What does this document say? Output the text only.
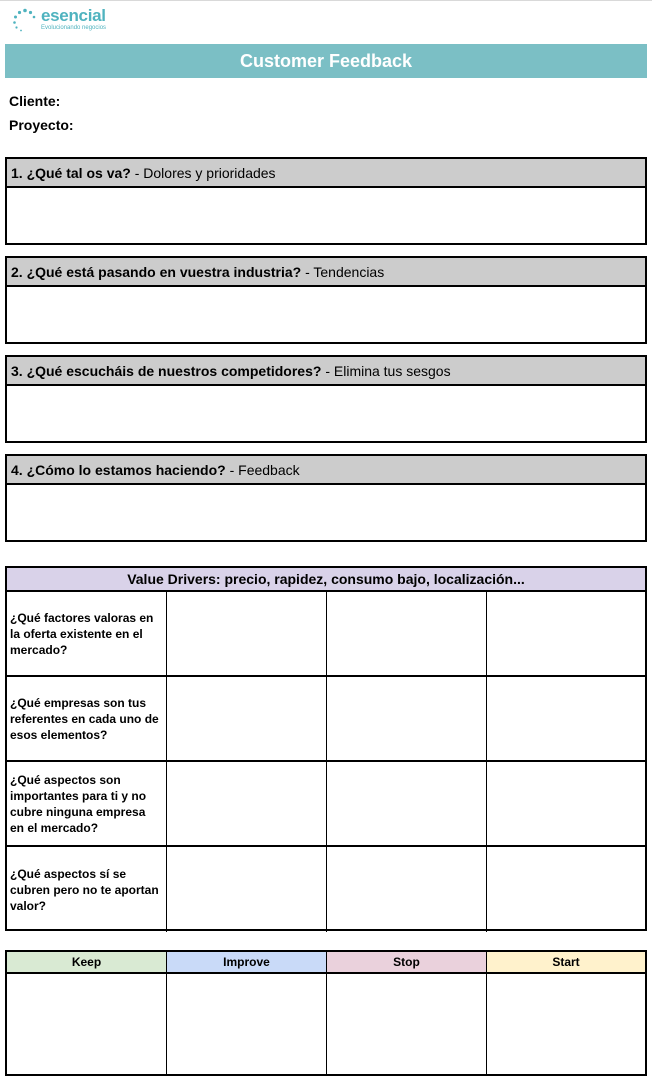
esencial
Evolucionando negocios
Customer Feedback
Cliente:
Proyecto:
1. ¿Qué tal os va? - Dolores y prioridades
2. ¿Qué está pasando en vuestra industria? - Tendencias
3. ¿Qué escucháis de nuestros competidores? - Elimina tus sesgos
4. ¿Cómo lo estamos haciendo? - Feedback
Value Drivers: precio, rapidez, consumo bajo, localización...
¿Qué factores valoras en la oferta existente en el mercado?
¿Qué empresas son tus referentes en cada uno de esos elementos?
¿Qué aspectos son importantes para ti y no cubre ninguna empresa en el mercado?
¿Qué aspectos sí se cubren pero no te aportan valor?
Keep	Improve	Stop	Start
